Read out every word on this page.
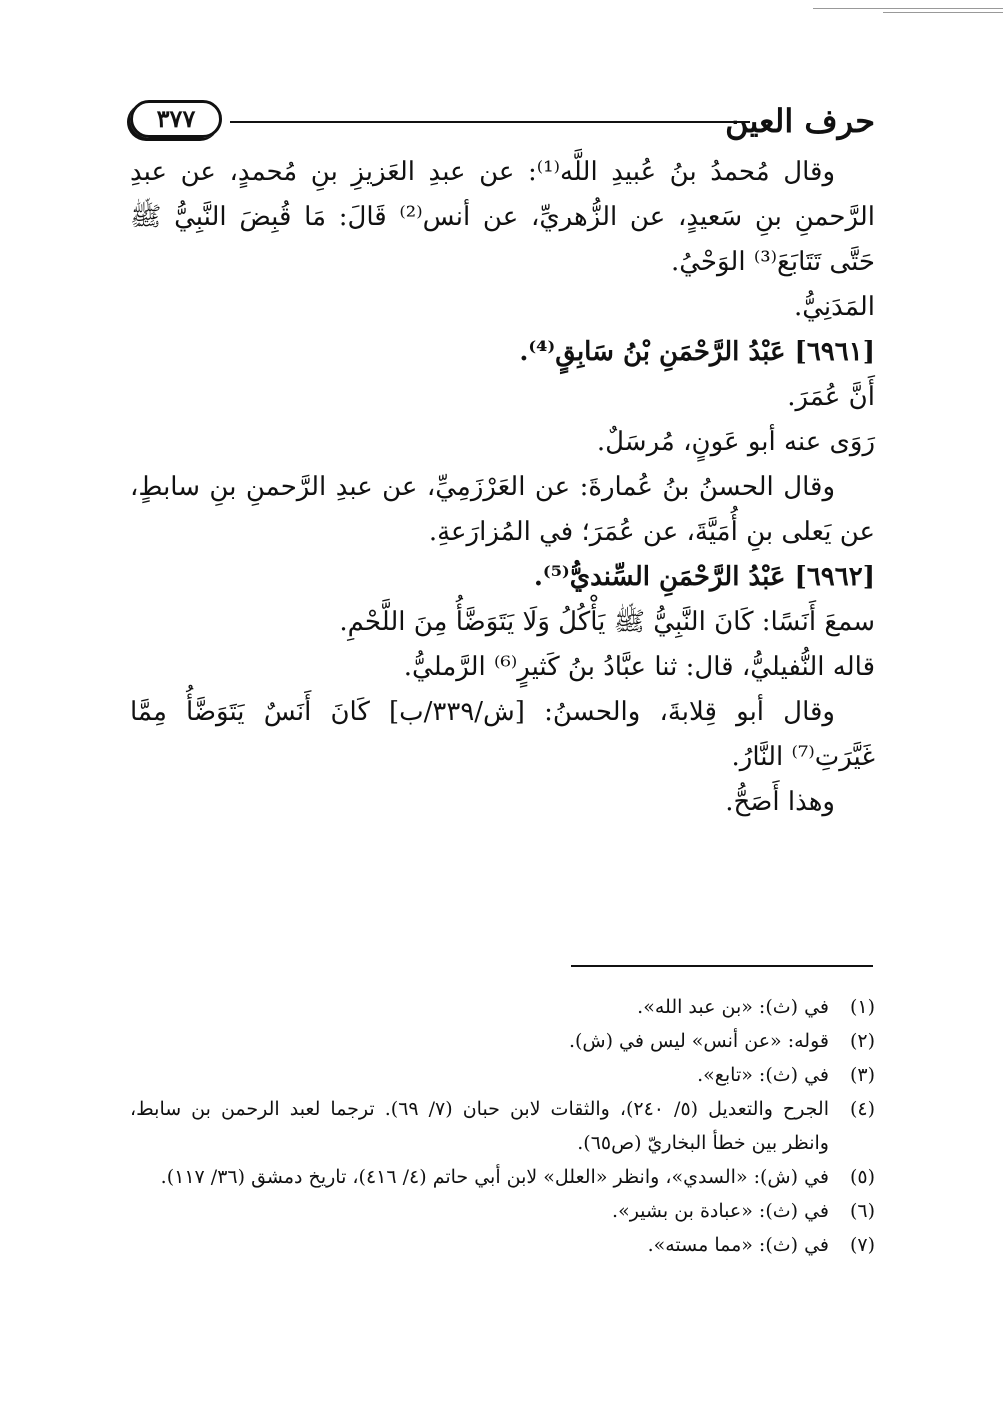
حرف العين
٣٧٧

وقال مُحمدُ بنُ عُبيدِ اللَّه⁽¹⁾: عن عبدِ العَزيزِ بنِ مُحمدٍ، عن عبدِ الرَّحمنِ بنِ سَعيدٍ، عن الزُّهريِّ، عن أنس⁽²⁾ قَالَ: مَا قُبِضَ النَّبِيُّ ﷺ حَتَّى تَتَابَعَ⁽³⁾ الوَحْيُ.

المَدَنِيُّ.

[٦٩٦١] عَبْدُ الرَّحْمَنِ بْنُ سَابِقٍ⁽⁴⁾.

أَنَّ عُمَرَ.

رَوَى عنه أبو عَونٍ، مُرسَلٌ.

وقال الحسنُ بنُ عُمارةَ: عن العَرْزَمِيِّ، عن عبدِ الرَّحمنِ بنِ سابطٍ، عن يَعلى بنِ أُمَيَّةَ، عن عُمَرَ؛ في المُزارَعةِ.

[٦٩٦٢] عَبْدُ الرَّحْمَنِ السِّنديُّ⁽⁵⁾.

سمعَ أَنَسًا: كَانَ النَّبِيُّ ﷺ يَأْكُلُ وَلَا يَتَوَضَّأُ مِنَ اللَّحْمِ.

قاله النُّفيليُّ، قال: ثنا عبَّادُ بنُ كَثيرٍ⁽⁶⁾ الرَّمليُّ.

وقال أبو قِلابةَ، والحسنُ: [ش/٣٣٩/ب] كَانَ أَنَسٌ يَتَوَضَّأُ مِمَّا غَيَّرَتِ⁽⁷⁾ النَّارُ.

وهذا أَصَحُّ.

(١)
في (ث): «بن عبد الله».
(٢)
قوله: «عن أنس» ليس في (ش).
(٣)
في (ث): «تابع».
(٤)
الجرح والتعديل (٥/ ٢٤٠)، والثقات لابن حبان (٧/ ٦٩). ترجما لعبد الرحمن بن سابط، وانظر بين خطأ البخاريّ (ص٦٥).
(٥)
في (ش): «السدي»، وانظر «العلل» لابن أبي حاتم (٤/ ٤١٦)، تاريخ دمشق (٣٦/ ١١٧).
(٦)
في (ث): «عبادة بن بشير».
(٧)
في (ث): «مما مسته».
